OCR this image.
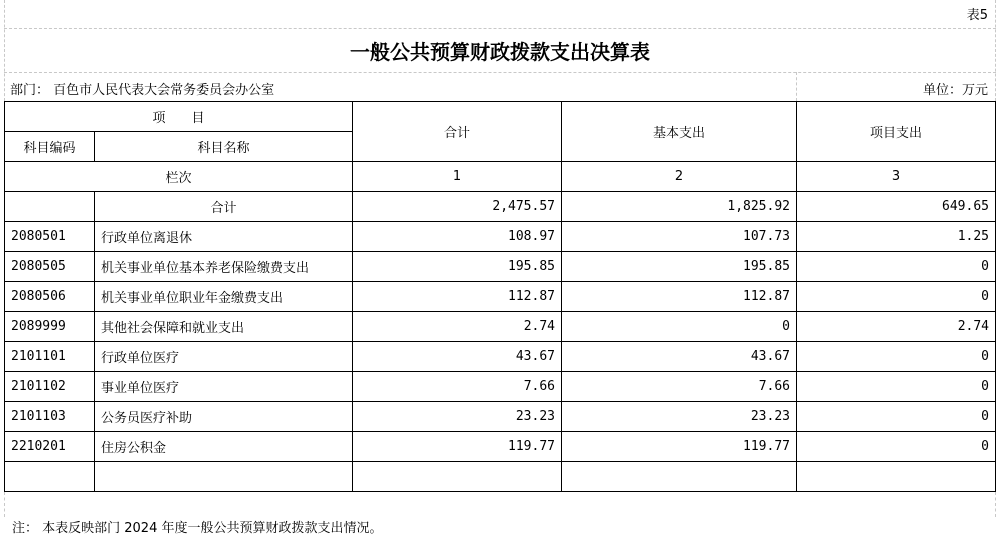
表5
一般公共预算财政拨款支出决算表
部门： 百色市人民代表大会常务委员会办公室	单位：万元
项　　目		合计	基本支出	项目支出
科目编码	科目名称			
栏次		1	2	3
	合计	2,475.57	1,825.92	649.65
2080501	行政单位离退休	108.97	107.73	1.25
2080505	机关事业单位基本养老保险缴费支出	195.85	195.85	0
2080506	机关事业单位职业年金缴费支出	112.87	112.87	0
2089999	其他社会保障和就业支出	2.74	0	2.74
2101101	行政单位医疗	43.67	43.67	0
2101102	事业单位医疗	7.66	7.66	0
2101103	公务员医疗补助	23.23	23.23	0
2210201	住房公积金	119.77	119.77	0

注： 本表反映部门 2024 年度一般公共预算财政拨款支出情况。
